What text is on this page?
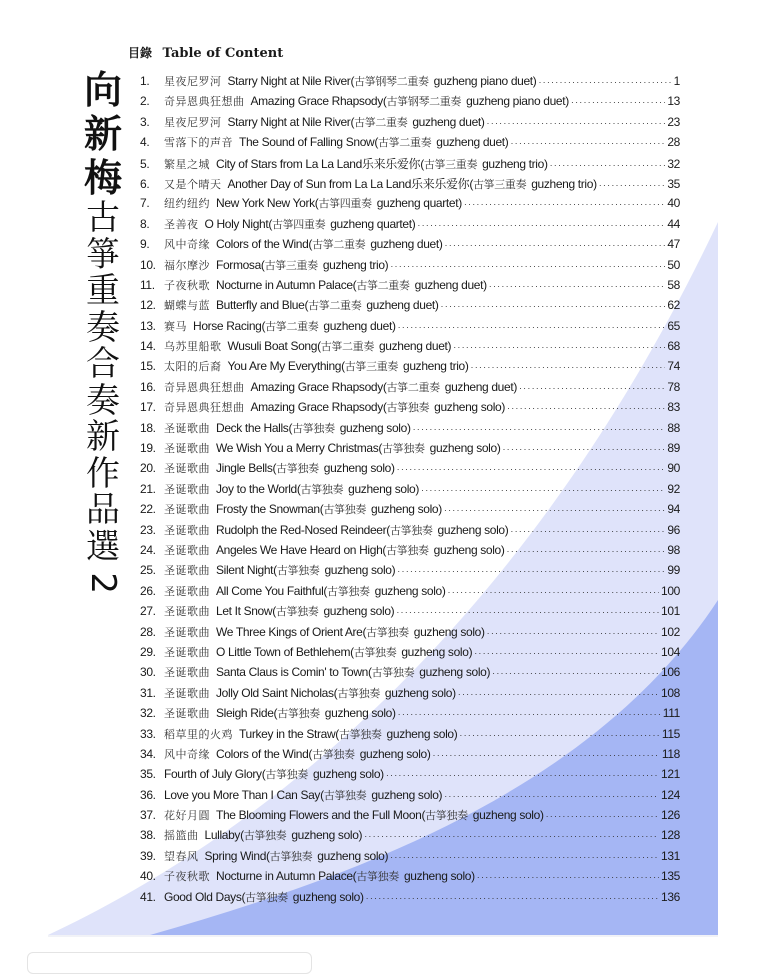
向
新
梅
古
箏
重
奏
合
奏
新
作
品
選
2
目錄 Table of Content
1.	星夜尼罗河 Starry Night at Nile River (古箏钢琴二重奏 guzheng piano duet) ·····	1
2.	奇异恩典狂想曲 Amazing Grace Rhapsody (古箏钢琴二重奏 guzheng piano duet) ·····	13
3.	星夜尼罗河 Starry Night at Nile River (古箏二重奏 guzheng duet) ·····	23
4.	雪落下的声音 The Sound of Falling Snow (古箏二重奏 guzheng duet) ·····	28
5.	繁星之城 City of Stars from La La Land乐来乐爱你 (古箏三重奏 guzheng trio) ·····	32
6.	又是个晴天 Another Day of Sun from La La Land乐来乐爱你 (古箏三重奏 guzheng trio) ·····	35
7.	纽约纽约 New York New York (古箏四重奏 guzheng quartet) ·····	40
8.	圣善夜 O Holy Night (古箏四重奏 guzheng quartet) ·····	44
9.	风中奇缘 Colors of the Wind (古箏二重奏 guzheng duet) ·····	47
10. 福尔摩沙 Formosa (古箏三重奏 guzheng trio) ·····	50
11. 子夜秋歌 Nocturne in Autumn Palace (古箏二重奏 guzheng duet) ·····	58
12. 蝴蝶与蓝 Butterfly and Blue (古箏二重奏 guzheng duet) ·····	62
13. 赛马 Horse Racing (古箏二重奏 guzheng duet) ·····	65
14. 乌苏里船歌 Wusuli Boat Song (古箏二重奏 guzheng duet) ·····	68
15. 太阳的后裔 You Are My Everything (古箏三重奏 guzheng trio) ·····	74
16. 奇异恩典狂想曲 Amazing Grace Rhapsody (古箏二重奏 guzheng duet) ·····	78
17. 奇异恩典狂想曲 Amazing Grace Rhapsody (古箏独奏 guzheng solo) ·····	83
18. 圣诞歌曲 Deck the Halls (古箏独奏 guzheng solo) ·····	88
19. 圣诞歌曲 We Wish You a Merry Christmas (古箏独奏 guzheng solo) ·····	89
20. 圣诞歌曲 Jingle Bells (古箏独奏 guzheng solo) ·····	90
21. 圣诞歌曲 Joy to the World (古箏独奏 guzheng solo) ·····	92
22. 圣诞歌曲 Frosty the Snowman (古箏独奏 guzheng solo) ·····	94
23. 圣诞歌曲 Rudolph the Red-Nosed Reindeer (古箏独奏 guzheng solo) ·····	96
24. 圣诞歌曲 Angeles We Have Heard on High (古箏独奏 guzheng solo) ·····	98
25. 圣诞歌曲 Silent Night (古箏独奏 guzheng solo) ·····	99
26. 圣诞歌曲 All Come You Faithful (古箏独奏 guzheng solo) ·····	100
27. 圣诞歌曲 Let It Snow (古箏独奏 guzheng solo) ·····	101
28. 圣诞歌曲 We Three Kings of Orient Are (古箏独奏 guzheng solo) ·····	102
29. 圣诞歌曲 O Little Town of Bethlehem (古箏独奏 guzheng solo) ·····	104
30. 圣诞歌曲 Santa Claus is Comin' to Town (古箏独奏 guzheng solo) ·····	106
31. 圣诞歌曲 Jolly Old Saint Nicholas (古箏独奏 guzheng solo) ·····	108
32. 圣诞歌曲 Sleigh Ride (古箏独奏 guzheng solo) ·····	111
33. 稻草里的火鸡 Turkey in the Straw (古箏独奏 guzheng solo) ·····	115
34. 风中奇缘 Colors of the Wind (古箏独奏 guzheng solo) ·····	118
35. Fourth of July Glory (古箏独奏 guzheng solo) ·····	121
36. Love you More Than I Can Say (古箏独奏 guzheng solo) ·····	124
37. 花好月圓 The Blooming Flowers and the Full Moon (古箏独奏 guzheng solo) ·····	126
38. 摇篮曲 Lullaby (古箏独奏 guzheng solo) ·····	128
39. 望春风 Spring Wind (古箏独奏 guzheng solo) ·····	131
40. 子夜秋歌 Nocturne in Autumn Palace (古箏独奏 guzheng solo) ·····	135
41. Good Old Days (古箏独奏 guzheng solo) ·····	136
